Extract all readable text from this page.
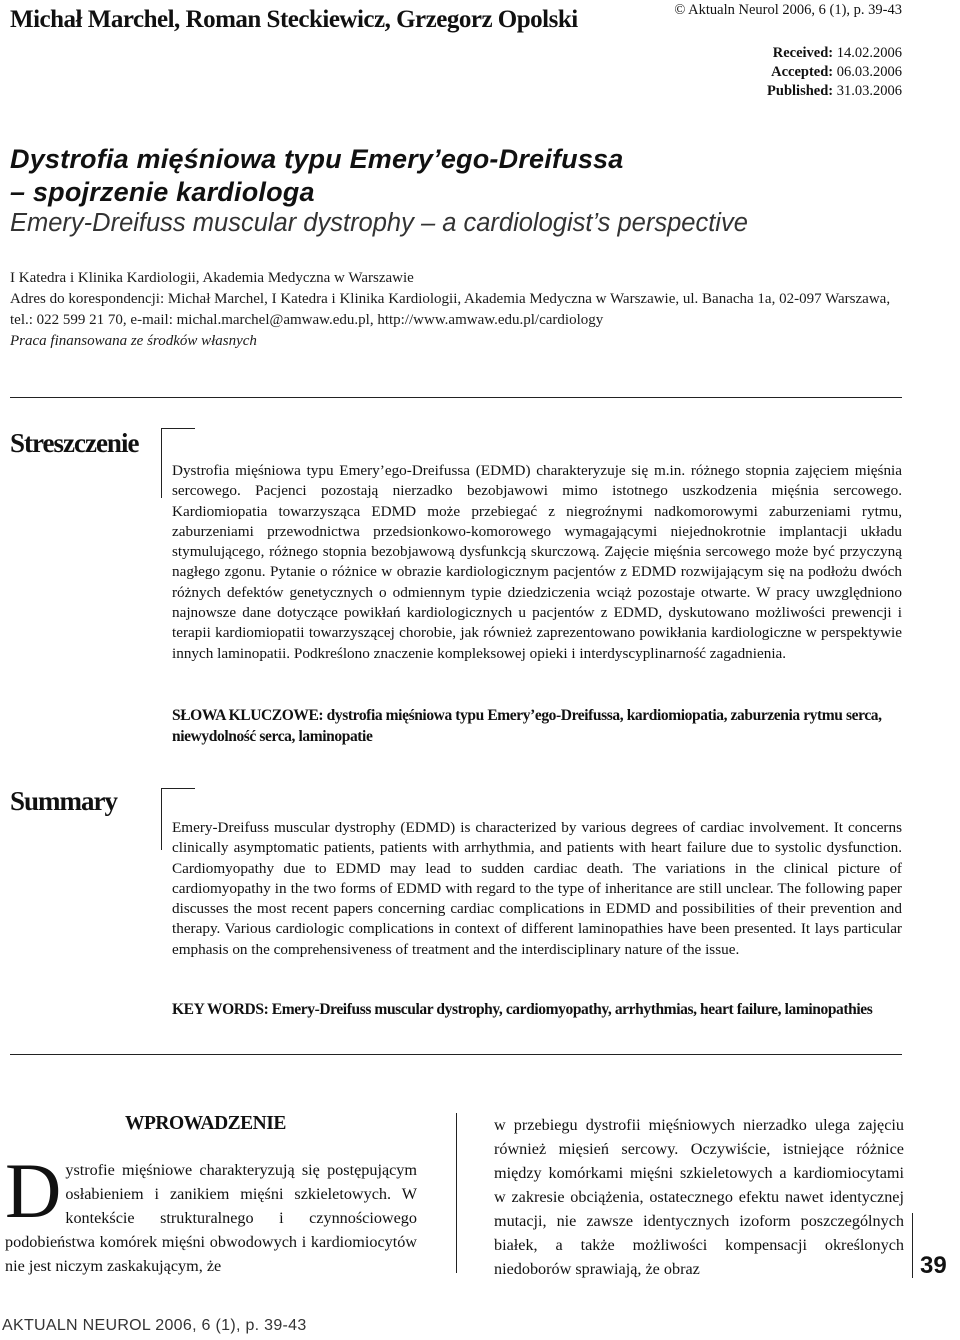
Michał Marchel, Roman Steckiewicz, Grzegorz Opolski	© Aktualn Neurol 2006, 6 (1), p. 39-43
Received: 14.02.2006
Accepted: 06.03.2006
Published: 31.03.2006
Dystrofia mięśniowa typu Emery’ego-Dreifussa
– spojrzenie kardiologa
Emery-Dreifuss muscular dystrophy – a cardiologist’s perspective
I Katedra i Klinika Kardiologii, Akademia Medyczna w Warszawie
Adres do korespondencji: Michał Marchel, I Katedra i Klinika Kardiologii, Akademia Medyczna w Warszawie, ul. Banacha 1a, 02-097 Warszawa, tel.: 022 599 21 70, e-mail: michal.marchel@amwaw.edu.pl, http://www.amwaw.edu.pl/cardiology
Praca finansowana ze środków własnych
Streszczenie
Dystrofia mięśniowa typu Emery’ego-Dreifussa (EDMD) charakteryzuje się m.in. różnego stopnia zajęciem mięśnia sercowego. Pacjenci pozostają nierzadko bezobjawowi mimo istotnego uszkodzenia mięśnia sercowego. Kardiomiopatia towarzysząca EDMD może przebiegać z niegroźnymi nadkomorowymi zaburzeniami rytmu, zaburzeniami przewodnictwa przedsionkowo-komorowego wymagającymi niejednokrotnie implantacji układu stymulującego, różnego stopnia bezobjawową dysfunkcją skurczową. Zajęcie mięśnia sercowego może być przyczyną nagłego zgonu. Pytanie o różnice w obrazie kardiologicznym pacjentów z EDMD rozwijającym się na podłożu dwóch różnych defektów genetycznych o odmiennym typie dziedziczenia wciąż pozostaje otwarte. W pracy uwzględniono najnowsze dane dotyczące powikłań kardiologicznych u pacjentów z EDMD, dyskutowano możliwości prewencji i terapii kardiomiopatii towarzyszącej chorobie, jak również zaprezentowano powikłania kardiologiczne w perspektywie innych laminopatii. Podkreślono znaczenie kompleksowej opieki i interdyscyplinarność zagadnienia.
SŁOWA KLUCZOWE: dystrofia mięśniowa typu Emery’ego-Dreifussa, kardiomiopatia, zaburzenia rytmu serca, niewydolność serca, laminopatie
Summary
Emery-Dreifuss muscular dystrophy (EDMD) is characterized by various degrees of cardiac involvement. It concerns clinically asymptomatic patients, patients with arrhythmia, and patients with heart failure due to systolic dysfunction. Cardiomyopathy due to EDMD may lead to sudden cardiac death. The variations in the clinical picture of cardiomyopathy in the two forms of EDMD with regard to the type of inheritance are still unclear. The following paper discusses the most recent papers concerning cardiac complications in EDMD and possibilities of their prevention and therapy. Various cardiologic complications in context of different laminopathies have been presented. It lays particular emphasis on the comprehensiveness of treatment and the interdisciplinary nature of the issue.
KEY WORDS: Emery-Dreifuss muscular dystrophy, cardiomyopathy, arrhythmias, heart failure, laminopathies
WPROWADZENIE
Dystrofie mięśniowe charakteryzują się postępującym osłabieniem i zanikiem mięśni szkieletowych. W kontekście strukturalnego i czynnościowego podobieństwa komórek mięśni obwodowych i kardiomiocytów nie jest niczym zaskakującym, że
w przebiegu dystrofii mięśniowych nierzadko ulega zajęciu również mięsień sercowy. Oczywiście, istniejące różnice między komórkami mięśni szkieletowych a kardiomiocytami w zakresie obciążenia, ostatecznego efektu nawet identycznej mutacji, nie zawsze identycznych izoform poszczególnych białek, a także możliwości kompensacji określonych niedoborów sprawiają, że obraz	39
AKTUALN NEUROL 2006, 6 (1), p. 39-43
